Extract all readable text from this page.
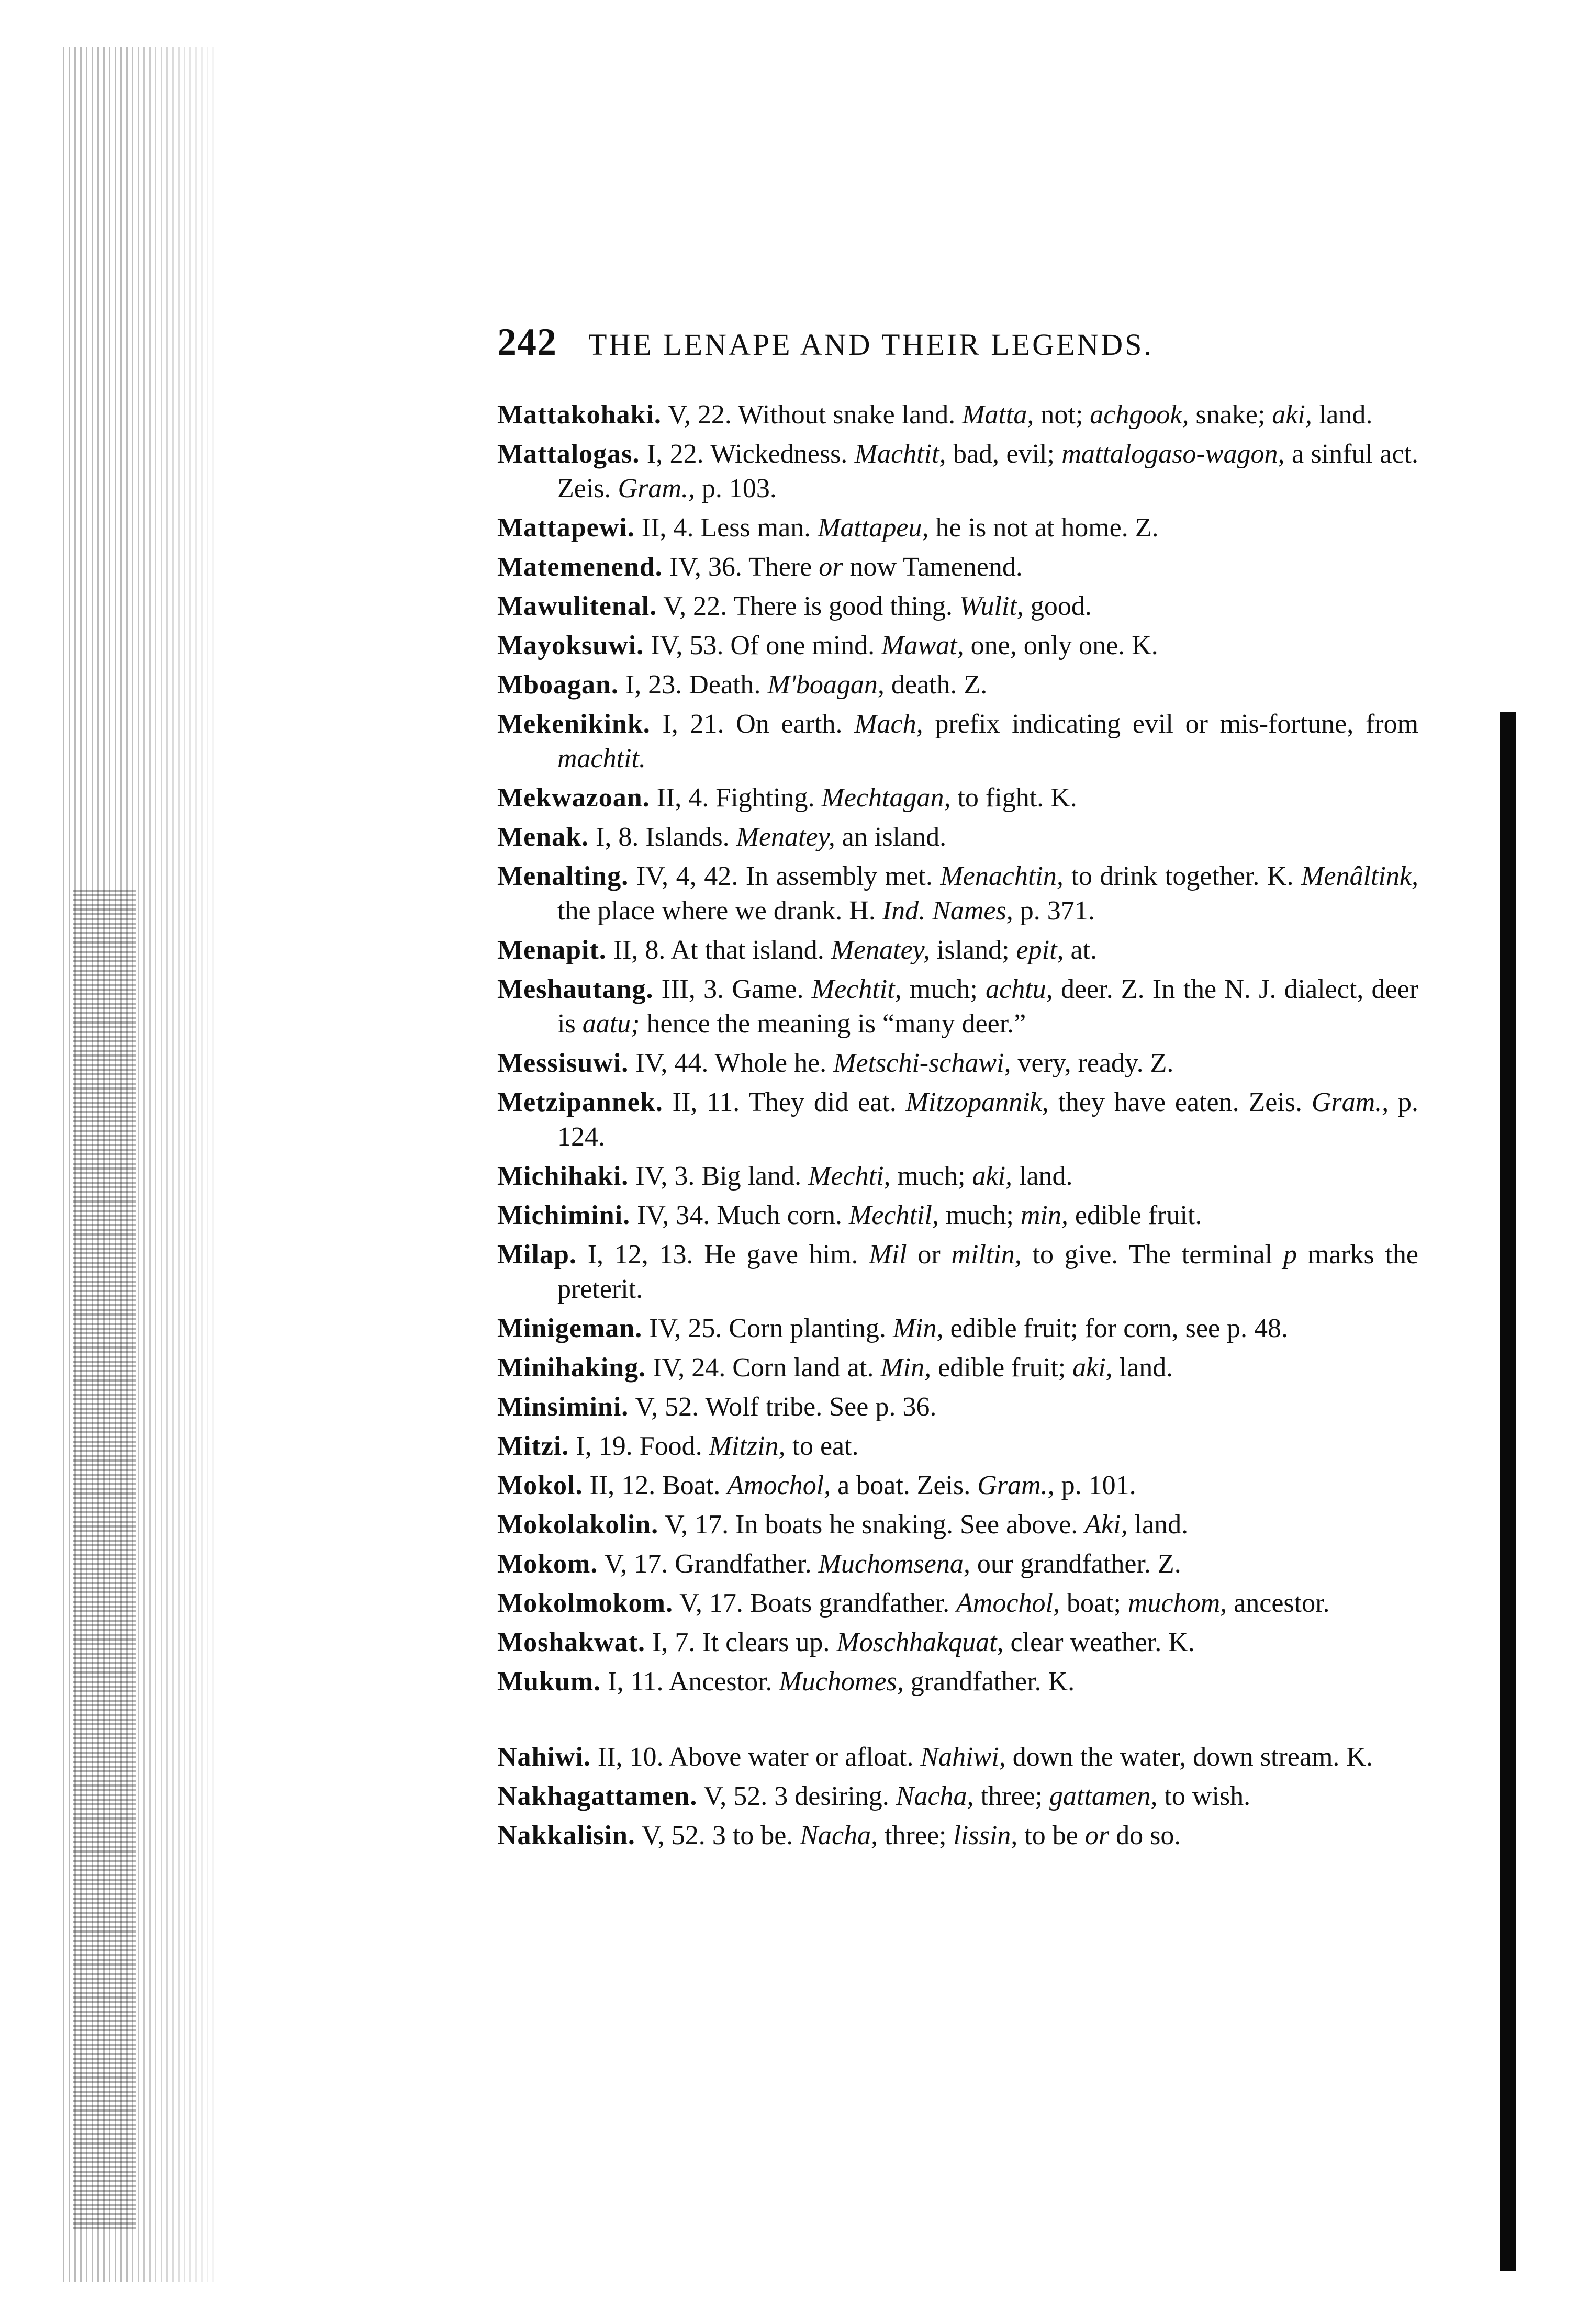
242 THE LENAPE AND THEIR LEGENDS.
Mattakohaki. V, 22. Without snake land. Matta, not; achgook, snake; aki, land.
Mattalogas. I, 22. Wickedness. Machtit, bad, evil; mattalogaso-wagon, a sinful act. Zeis. Gram., p. 103.
Mattapewi. II, 4. Less man. Mattapeu, he is not at home. Z.
Matemenend. IV, 36. There or now Tamenend.
Mawulitenal. V, 22. There is good thing. Wulit, good.
Mayoksuwi. IV, 53. Of one mind. Mawat, one, only one. K.
Mboagan. I, 23. Death. M'boagan, death. Z.
Mekenikink. I, 21. On earth. Mach, prefix indicating evil or mis-fortune, from machtit.
Mekwazoan. II, 4. Fighting. Mechtagan, to fight. K.
Menak. I, 8. Islands. Menatey, an island.
Menalting. IV, 4, 42. In assembly met. Menachtin, to drink together. K. Menâltink, the place where we drank. H. Ind. Names, p. 371.
Menapit. II, 8. At that island. Menatey, island; epit, at.
Meshautang. III, 3. Game. Mechtit, much; achtu, deer. Z. In the N. J. dialect, deer is aatu; hence the meaning is “many deer.”
Messisuwi. IV, 44. Whole he. Metschi-schawi, very, ready. Z.
Metzipannek. II, 11. They did eat. Mitzopannik, they have eaten. Zeis. Gram., p. 124.
Michihaki. IV, 3. Big land. Mechti, much; aki, land.
Michimini. IV, 34. Much corn. Mechtil, much; min, edible fruit.
Milap. I, 12, 13. He gave him. Mil or miltin, to give. The terminal p marks the preterit.
Minigeman. IV, 25. Corn planting. Min, edible fruit; for corn, see p. 48.
Minihaking. IV, 24. Corn land at. Min, edible fruit; aki, land.
Minsimini. V, 52. Wolf tribe. See p. 36.
Mitzi. I, 19. Food. Mitzin, to eat.
Mokol. II, 12. Boat. Amochol, a boat. Zeis. Gram., p. 101.
Mokolakolin. V, 17. In boats he snaking. See above. Aki, land.
Mokom. V, 17. Grandfather. Muchomsena, our grandfather. Z.
Mokolmokom. V, 17. Boats grandfather. Amochol, boat; muchom, ancestor.
Moshakwat. I, 7. It clears up. Moschhakquat, clear weather. K.
Mukum. I, 11. Ancestor. Muchomes, grandfather. K.
Nahiwi. II, 10. Above water or afloat. Nahiwi, down the water, down stream. K.
Nakhagattamen. V, 52. 3 desiring. Nacha, three; gattamen, to wish.
Nakkalisin. V, 52. 3 to be. Nacha, three; lissin, to be or do so.
